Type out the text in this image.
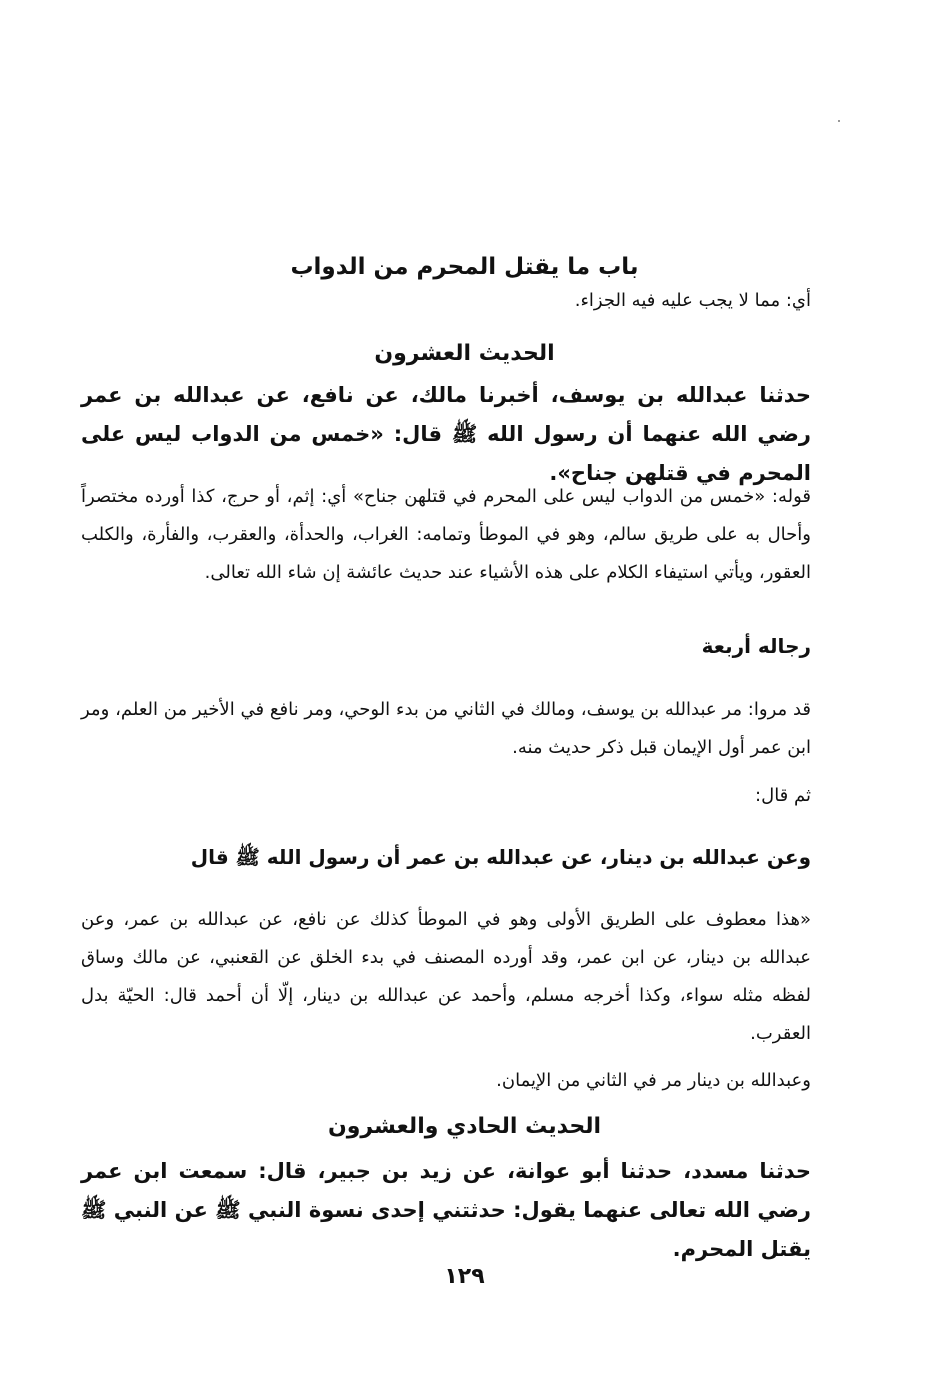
باب ما يقتل المحرم من الدواب

أي: مما لا يجب عليه فيه الجزاء.

الحديث العشرون

حدثنا عبدالله بن يوسف، أخبرنا مالك، عن نافع، عن عبدالله بن عمر رضي الله عنهما أن رسول الله ﷺ قال: «خمس من الدواب ليس على المحرم في قتلهن جناح».

قوله: «خمس من الدواب ليس على المحرم في قتلهن جناح» أي: إثم، أو حرج، كذا أورده مختصراً وأحال به على طريق سالم، وهو في الموطأ وتمامه: الغراب، والحدأة، والعقرب، والفأرة، والكلب العقور، ويأتي استيفاء الكلام على هذه الأشياء عند حديث عائشة إن شاء الله تعالى.

رجاله أربعة

قد مروا: مر عبدالله بن يوسف، ومالك في الثاني من بدء الوحي، ومر نافع في الأخير من العلم، ومر ابن عمر أول الإيمان قبل ذكر حديث منه.

ثم قال:

وعن عبدالله بن دينار، عن عبدالله بن عمر أن رسول الله ﷺ قال

«هذا معطوف على الطريق الأولى وهو في الموطأ كذلك عن نافع، عن عبدالله بن عمر، وعن عبدالله بن دينار، عن ابن عمر، وقد أورده المصنف في بدء الخلق عن القعنبي، عن مالك وساق لفظه مثله سواء، وكذا أخرجه مسلم، وأحمد عن عبدالله بن دينار، إلّا أن أحمد قال: الحيّة بدل العقرب.

وعبدالله بن دينار مر في الثاني من الإيمان.

الحديث الحادي والعشرون

حدثنا مسدد، حدثنا أبو عوانة، عن زيد بن جبير، قال: سمعت ابن عمر رضي الله تعالى عنهما يقول: حدثتني إحدى نسوة النبي ﷺ عن النبي ﷺ يقتل المحرم.

١٢٩
